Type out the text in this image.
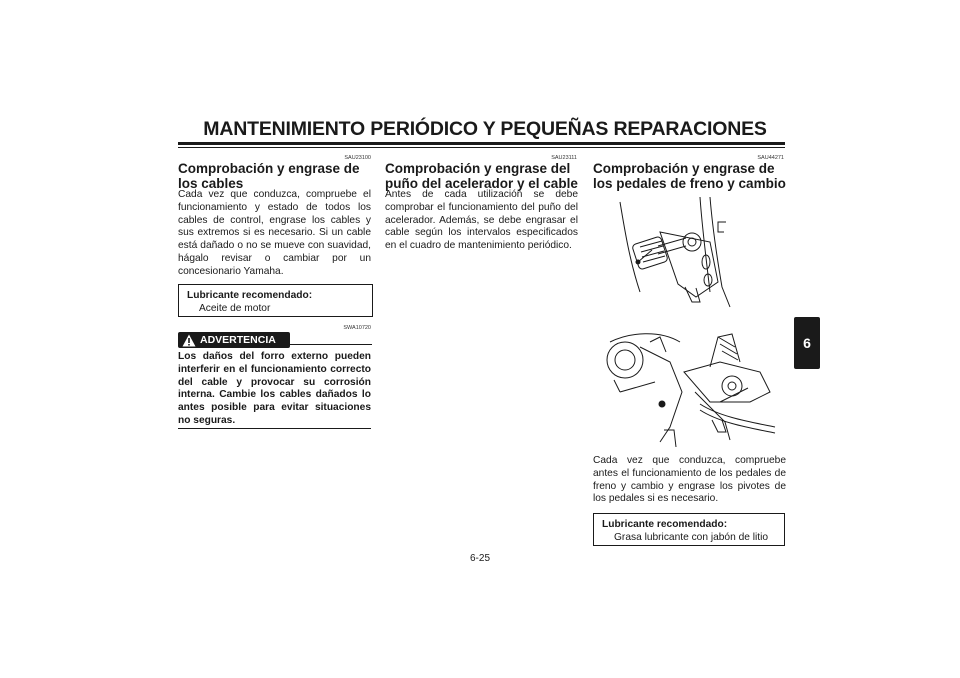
MANTENIMIENTO PERIÓDICO Y PEQUEÑAS REPARACIONES
SAU23100
Comprobación y engrase de los cables

Cada vez que conduzca, compruebe el funcionamiento y estado de todos los cables de control, engrase los cables y sus extremos si es necesario. Si un cable está dañado o no se mueve con suavidad, hágalo revisar o cambiar por un concesionario Yamaha.

Lubricante recomendado:
Aceite de motor
SWA10720
ADVERTENCIA

Los daños del forro externo pueden interferir en el funcionamiento correcto del cable y provocar su corrosión interna. Cambie los cables dañados lo antes posible para evitar situaciones no seguras.

SAU23111
Comprobación y engrase del puño del acelerador y el cable

Antes de cada utilización se debe comprobar el funcionamiento del puño del acelerador. Además, se debe engrasar el cable según los intervalos especificados en el cuadro de mantenimiento periódico.

SAU44271
Comprobación y engrase de los pedales de freno y cambio

Cada vez que conduzca, compruebe antes el funcionamiento de los pedales de freno y cambio y engrase los pivotes de los pedales si es necesario.

Lubricante recomendado:
Grasa lubricante con jabón de litio
6
6-25
